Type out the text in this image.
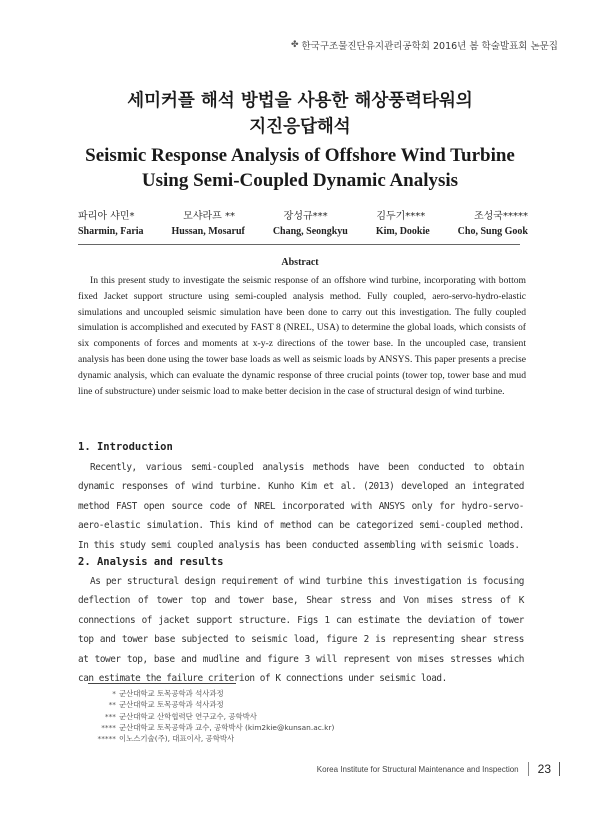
✤ 한국구조물진단유지관리공학회 2016년 봄 학술발표회 논문집
세미커플 해석 방법을 사용한 해상풍력타워의
지진응답해석
Seismic Response Analysis of Offshore Wind Turbine
Using Semi-Coupled Dynamic Analysis
파리아 샤민*	모샤라프 **	장성규***	김두기****	조성국*****
Sharmin, Faria	Hussan, Mosaruf	Chang, Seongkyu	Kim, Dookie	Cho, Sung Gook
Abstract

In this present study to investigate the seismic response of an offshore wind turbine, incorporating with bottom fixed Jacket support structure using semi-coupled analysis method. Fully coupled, aero-servo-hydro-elastic simulations and uncoupled seismic simulation have been done to carry out this investigation. The fully coupled simulation is accomplished and executed by FAST 8 (NREL, USA) to determine the global loads, which consists of six components of forces and moments at x-y-z directions of the tower base. In the uncoupled case, transient analysis has been done using the tower base loads as well as seismic loads by ANSYS. This paper presents a precise dynamic analysis, which can evaluate the dynamic response of three crucial points (tower top, tower base and mud line of substructure) under seismic load to make better decision in the case of structural design of wind turbine.

1. Introduction

Recently, various semi-coupled analysis methods have been conducted to obtain dynamic responses of wind turbine. Kunho Kim et al. (2013) developed an integrated method FAST open source code of NREL incorporated with ANSYS only for hydro-servo-aero-elastic simulation. This kind of method can be categorized semi-coupled method. In this study semi coupled analysis has been conducted assembling with seismic loads.

2. Analysis and results

As per structural design requirement of wind turbine this investigation is focusing deflection of tower top and tower base, Shear stress and Von mises stress of K connections of jacket support structure. Figs 1 can estimate the deviation of tower top and tower base subjected to seismic load, figure 2 is representing shear stress at tower top, base and mudline and figure 3 will represent von mises stresses which can estimate the failure criterion of K connections under seismic load.

* 군산대학교 토목공학과 석사과정
** 군산대학교 토목공학과 석사과정
*** 군산대학교 산학협력단 연구교수, 공학박사
**** 군산대학교 토목공학과 교수, 공학박사 (kim2kie@kunsan.ac.kr)
***** 이노스기술(주), 대표이사, 공학박사
Korea Institute for Structural Maintenance and Inspection 23
